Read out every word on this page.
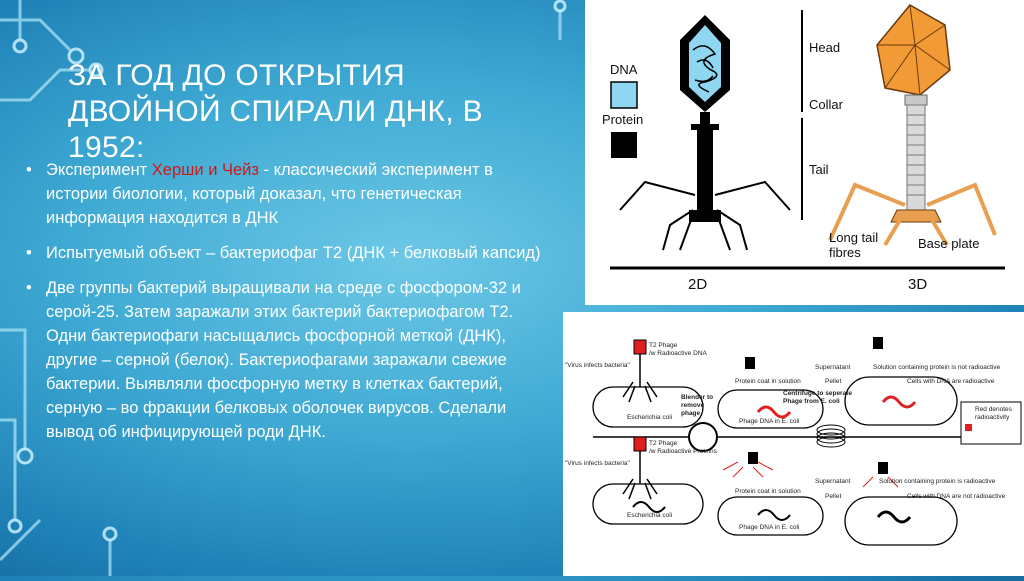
ЗА ГОД ДО ОТКРЫТИЯ ДВОЙНОЙ СПИРАЛИ ДНК, В 1952:
• Эксперимент Херши и Чейз - классический эксперимент в истории биологии, который доказал, что генетическая информация находится в ДНК
• Испытуемый объект – бактериофаг Т2 (ДНК + белковый капсид)
• Две группы бактерий выращивали на среде с фосфором-32 и серой-25. Затем заражали этих бактерий бактериофагом Т2. Одни бактериофаги насыщались фосфорной меткой (ДНК), другие – серной (белок). Бактериофагами заражали свежие бактерии. Выявляли фосфорную метку в клетках бактерий, серную – во фракции белковых оболочек вирусов. Сделали вывод об инфицирующей роди ДНК.
DNA
Protein
Head
Collar
Tail
Long tail fibres
Base plate
2D	3D
"Virus infects bacteria"
T2 Phage
/w Radioactive DNA
Escherichia coli
Protein coat in solution
Phage DNA in E. coli
Supernatant
Pellet
Solution containing protein is not radioactive
Cells with DNA are radioactive
Blender to remove phage
Centrifuge to seperate Phage from E. coli
Red denotes radioactivity
"Virus infects bacteria"
T2 Phage
/w Radioactive Proteins
Escherichia coli
Protein coat in solution
Phage DNA in E. coli
Supernatant
Pellet
Solution containing protein is radioactive
Cells with DNA are not radioactive
